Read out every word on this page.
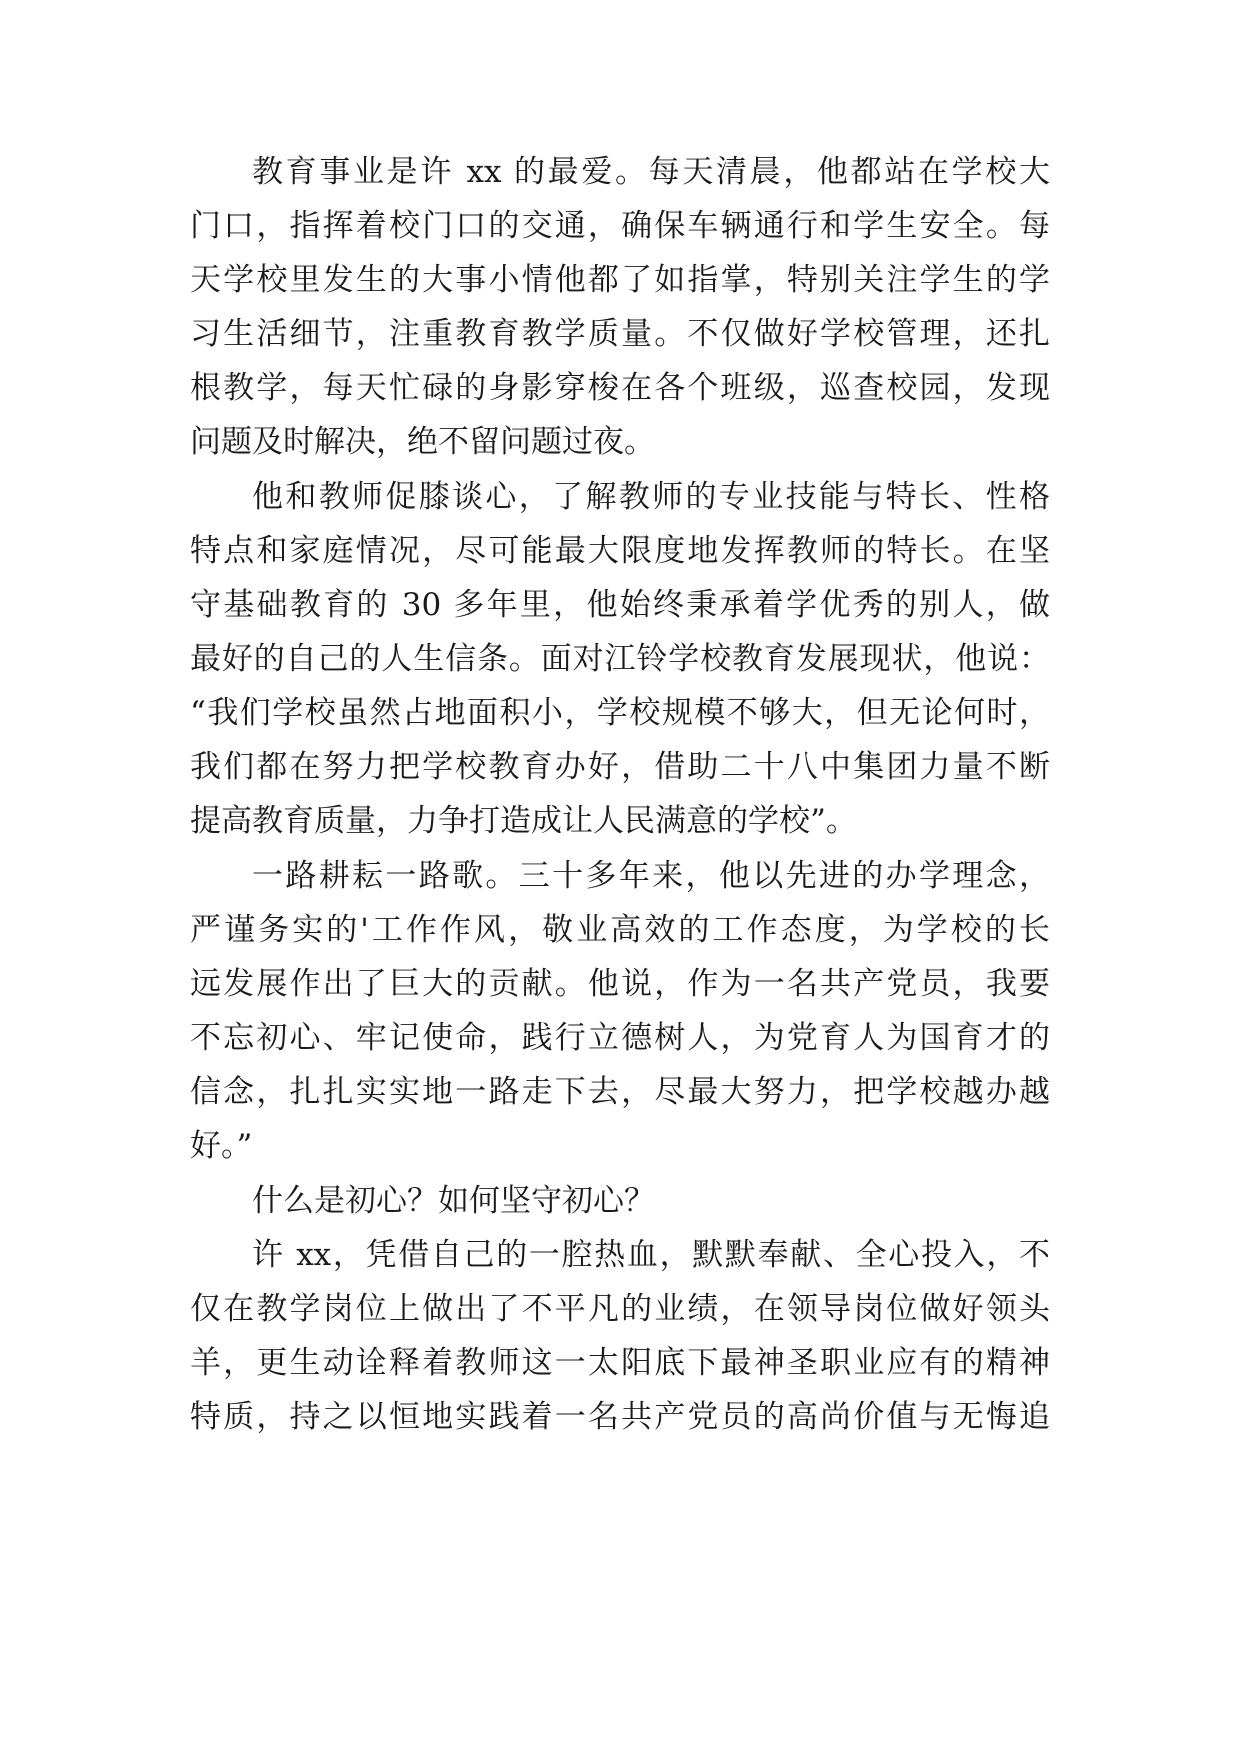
教育事业是许 xx 的最爱。每天清晨，他都站在学校大
门口，指挥着校门口的交通，确保车辆通行和学生安全。每
天学校里发生的大事小情他都了如指掌，特别关注学生的学
习生活细节，注重教育教学质量。不仅做好学校管理，还扎
根教学，每天忙碌的身影穿梭在各个班级，巡查校园，发现
问题及时解决，绝不留问题过夜。
他和教师促膝谈心，了解教师的专业技能与特长、性格
特点和家庭情况，尽可能最大限度地发挥教师的特长。在坚
守基础教育的 30 多年里，他始终秉承着学优秀的别人，做
最好的自己的人生信条。面对江铃学校教育发展现状，他说：
“我们学校虽然占地面积小，学校规模不够大，但无论何时，
我们都在努力把学校教育办好，借助二十八中集团力量不断
提高教育质量，力争打造成让人民满意的学校”。
一路耕耘一路歌。三十多年来，他以先进的办学理念，
严谨务实的'工作作风，敬业高效的工作态度，为学校的长
远发展作出了巨大的贡献。他说，作为一名共产党员，我要
不忘初心、牢记使命，践行立德树人，为党育人为国育才的
信念，扎扎实实地一路走下去，尽最大努力，把学校越办越
好。”
什么是初心？如何坚守初心？
许 xx，凭借自己的一腔热血，默默奉献、全心投入，不
仅在教学岗位上做出了不平凡的业绩，在领导岗位做好领头
羊，更生动诠释着教师这一太阳底下最神圣职业应有的精神
特质，持之以恒地实践着一名共产党员的高尚价值与无悔追
